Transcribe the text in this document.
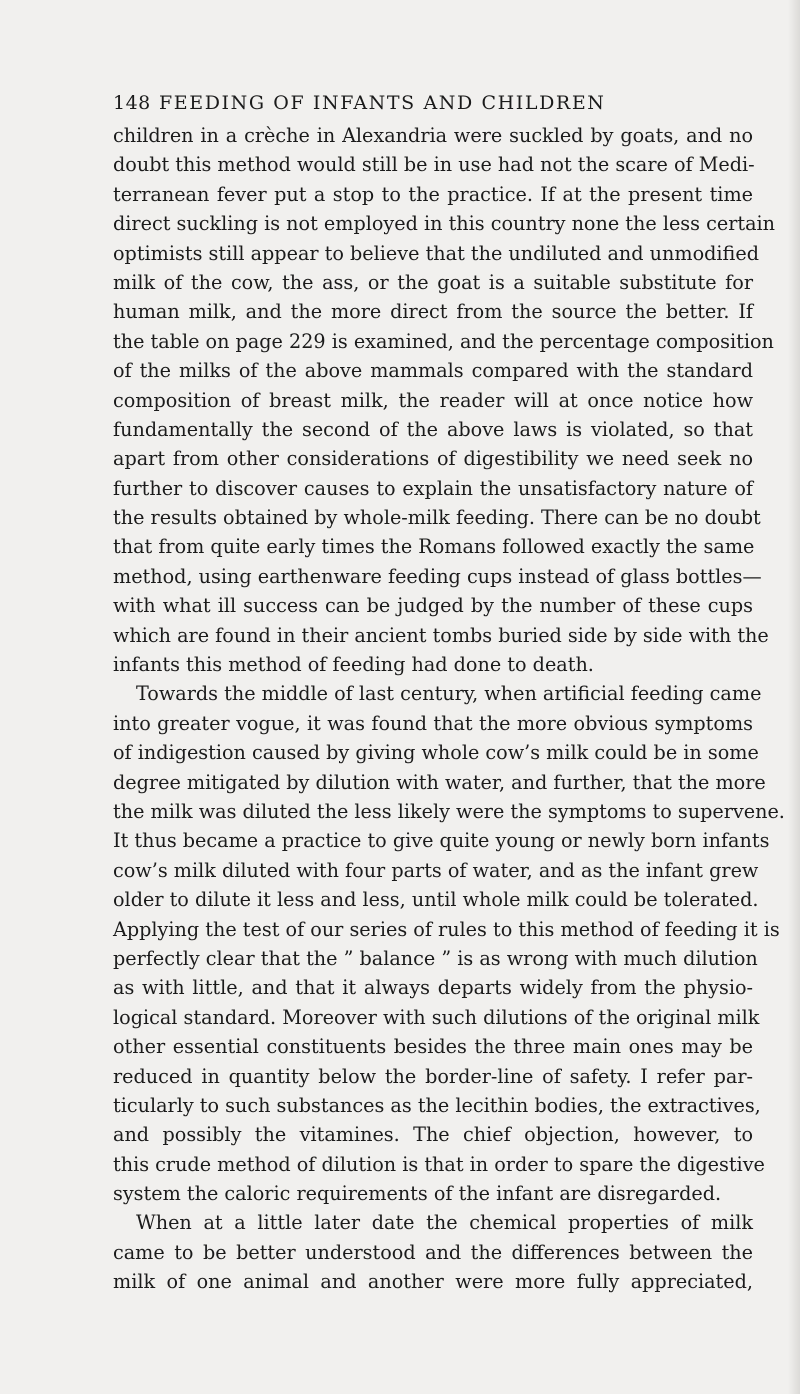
148 FEEDING OF INFANTS AND CHILDREN
children in a crèche in Alexandria were suckled by goats, and no
doubt this method would still be in use had not the scare of Medi-
terranean fever put a stop to the practice. If at the present time
direct suckling is not employed in this country none the less certain
optimists still appear to believe that the undiluted and unmodified
milk of the cow, the ass, or the goat is a suitable substitute for
human milk, and the more direct from the source the better. If
the table on page 229 is examined, and the percentage composition
of the milks of the above mammals compared with the standard
composition of breast milk, the reader will at once notice how
fundamentally the second of the above laws is violated, so that
apart from other considerations of digestibility we need seek no
further to discover causes to explain the unsatisfactory nature of
the results obtained by whole-milk feeding. There can be no doubt
that from quite early times the Romans followed exactly the same
method, using earthenware feeding cups instead of glass bottles—
with what ill success can be judged by the number of these cups
which are found in their ancient tombs buried side by side with the
infants this method of feeding had done to death.
Towards the middle of last century, when artificial feeding came
into greater vogue, it was found that the more obvious symptoms
of indigestion caused by giving whole cow’s milk could be in some
degree mitigated by dilution with water, and further, that the more
the milk was diluted the less likely were the symptoms to supervene.
It thus became a practice to give quite young or newly born infants
cow’s milk diluted with four parts of water, and as the infant grew
older to dilute it less and less, until whole milk could be tolerated.
Applying the test of our series of rules to this method of feeding it is
perfectly clear that the ” balance ” is as wrong with much dilution
as with little, and that it always departs widely from the physio-
logical standard. Moreover with such dilutions of the original milk
other essential constituents besides the three main ones may be
reduced in quantity below the border-line of safety. I refer par-
ticularly to such substances as the lecithin bodies, the extractives,
and possibly the vitamines. The chief objection, however, to
this crude method of dilution is that in order to spare the digestive
system the caloric requirements of the infant are disregarded.
When at a little later date the chemical properties of milk
came to be better understood and the differences between the
milk of one animal and another were more fully appreciated,
